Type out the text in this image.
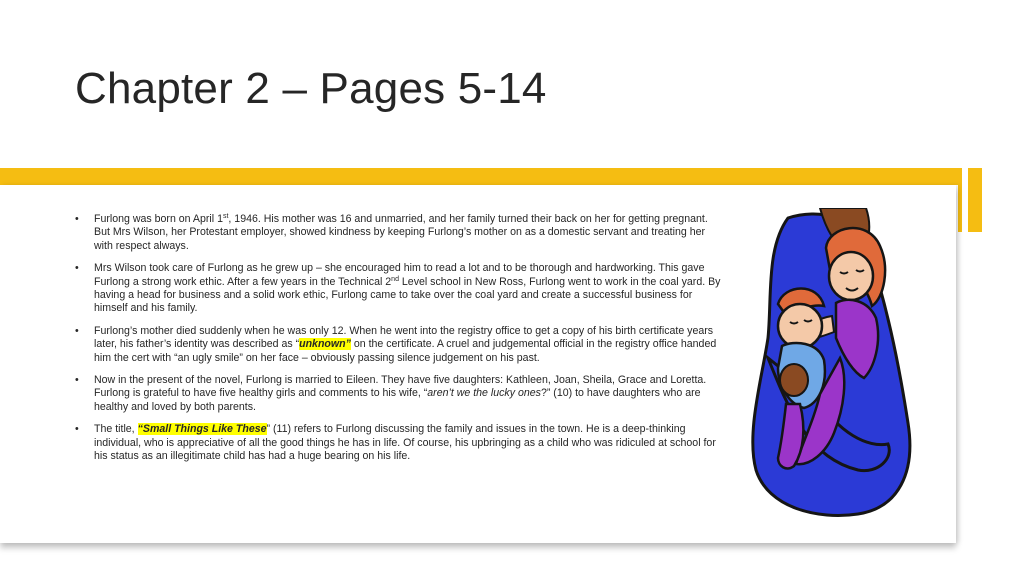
Chapter 2 – Pages 5-14
• Furlong was born on April 1st, 1946. His mother was 16 and unmarried, and her family turned their back on her for getting pregnant. But Mrs Wilson, her Protestant employer, showed kindness by keeping Furlong’s mother on as a domestic servant and treating her with respect always.
• Mrs Wilson took care of Furlong as he grew up – she encouraged him to read a lot and to be thorough and hardworking. This gave Furlong a strong work ethic. After a few years in the Technical 2nd Level school in New Ross, Furlong went to work in the coal yard. By having a head for business and a solid work ethic, Furlong came to take over the coal yard and create a successful business for himself and his family.
• Furlong’s mother died suddenly when he was only 12. When he went into the registry office to get a copy of his birth certificate years later, his father’s identity was described as “unknown” on the certificate. A cruel and judgemental official in the registry office handed him the cert with “an ugly smile” on her face – obviously passing silence judgement on his past.
• Now in the present of the novel, Furlong is married to Eileen. They have five daughters: Kathleen, Joan, Sheila, Grace and Loretta. Furlong is grateful to have five healthy girls and comments to his wife, “aren’t we the lucky ones?” (10) to have daughters who are healthy and loved by both parents.
• The title, “Small Things Like These” (11) refers to Furlong discussing the family and issues in the town. He is a deep-thinking individual, who is appreciative of all the good things he has in life. Of course, his upbringing as a child who was ridiculed at school for his status as an illegitimate child has had a huge bearing on his life.
